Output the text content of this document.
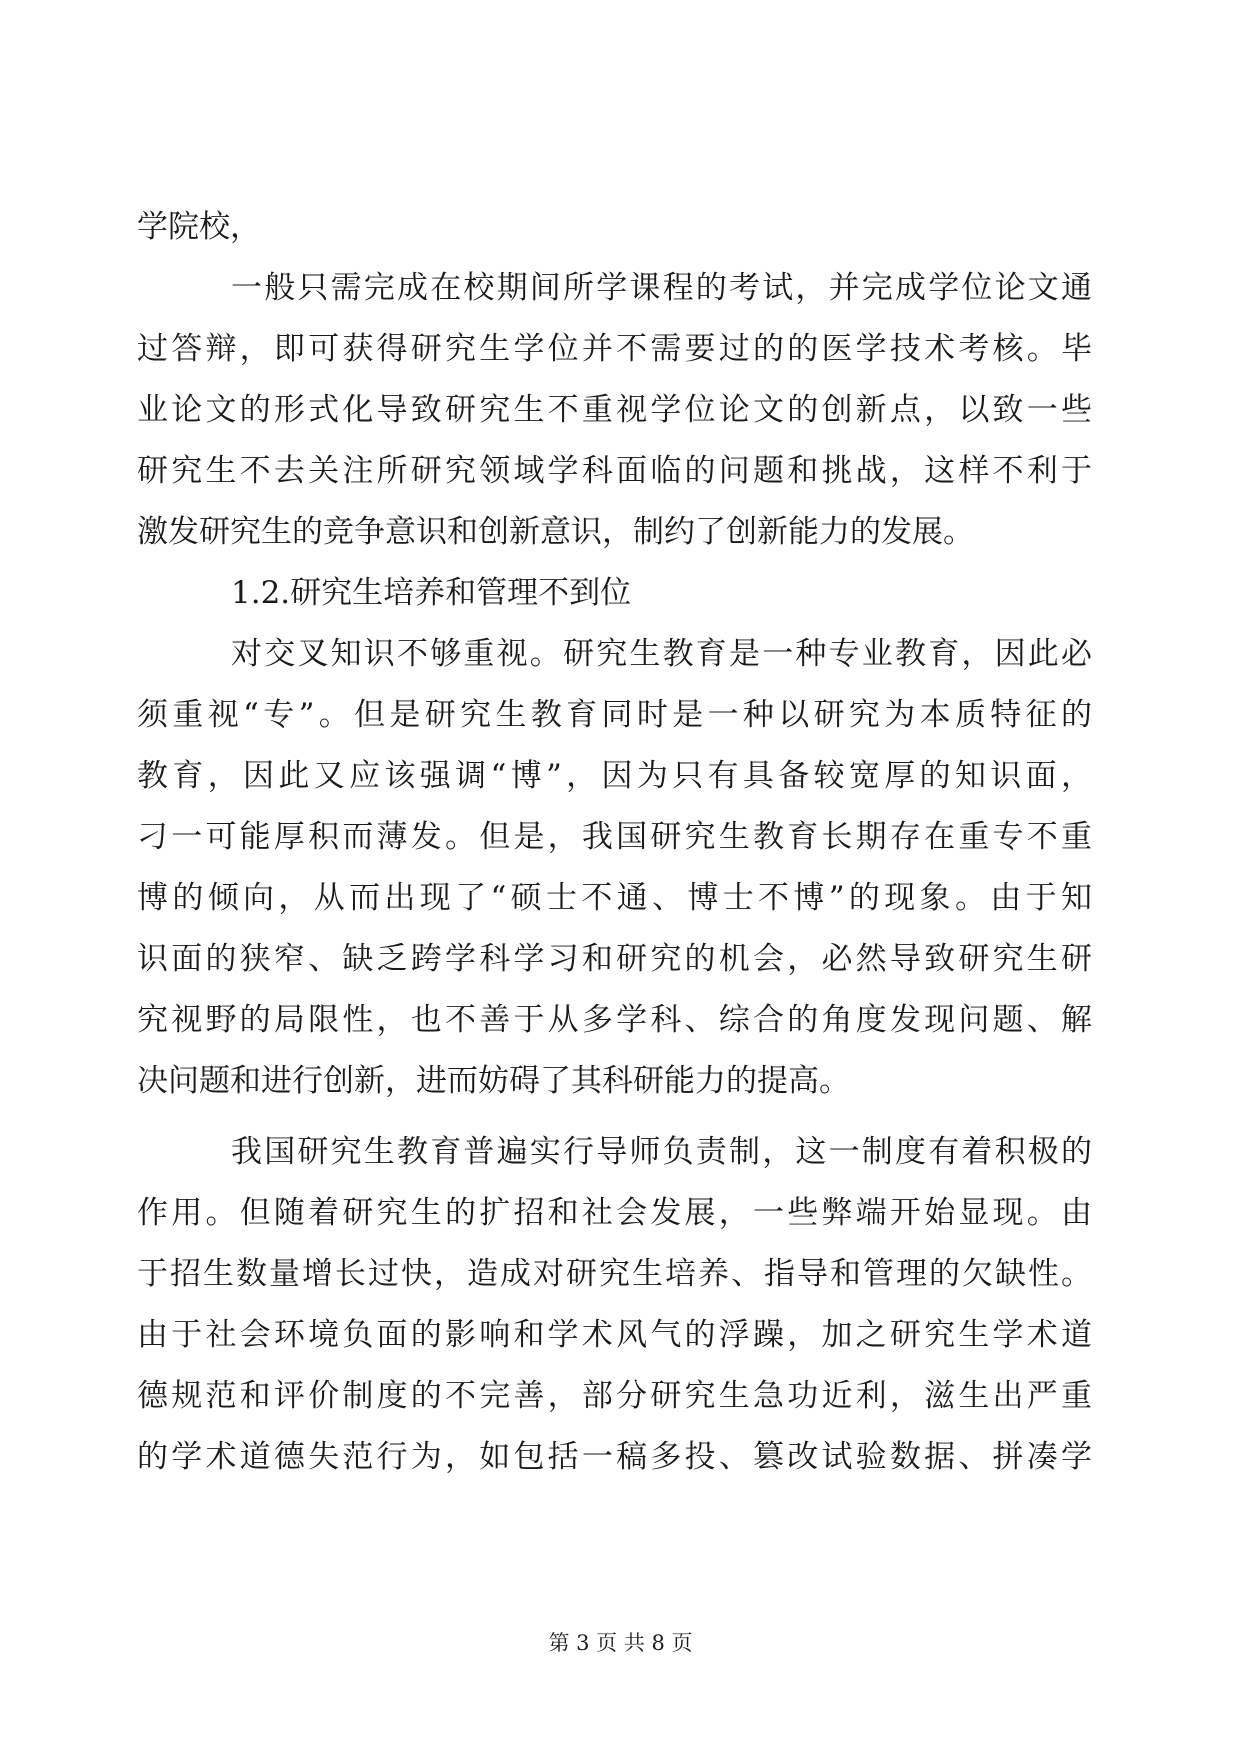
学院校，
一般只需完成在校期间所学课程的考试，并完成学位论文通
过答辩，即可获得研究生学位并不需要过的的医学技术考核。毕
业论文的形式化导致研究生不重视学位论文的创新点，以致一些
研究生不去关注所研究领域学科面临的问题和挑战，这样不利于
激发研究生的竞争意识和创新意识，制约了创新能力的发展。
1.2.研究生培养和管理不到位
对交叉知识不够重视。研究生教育是一种专业教育，因此必
须重视“专”。但是研究生教育同时是一种以研究为本质特征的
教育，因此又应该强调“博”，因为只有具备较宽厚的知识面，
刁一可能厚积而薄发。但是，我国研究生教育长期存在重专不重
博的倾向，从而出现了“硕士不通、博士不博”的现象。由于知
识面的狭窄、缺乏跨学科学习和研究的机会，必然导致研究生研
究视野的局限性，也不善于从多学科、综合的角度发现问题、解
决问题和进行创新，进而妨碍了其科研能力的提高。
我国研究生教育普遍实行导师负责制，这一制度有着积极的
作用。但随着研究生的扩招和社会发展，一些弊端开始显现。由
于招生数量增长过快，造成对研究生培养、指导和管理的欠缺性。
由于社会环境负面的影响和学术风气的浮躁，加之研究生学术道
德规范和评价制度的不完善，部分研究生急功近利，滋生出严重
的学术道德失范行为，如包括一稿多投、篡改试验数据、拼凑学
第 3 页 共 8 页
